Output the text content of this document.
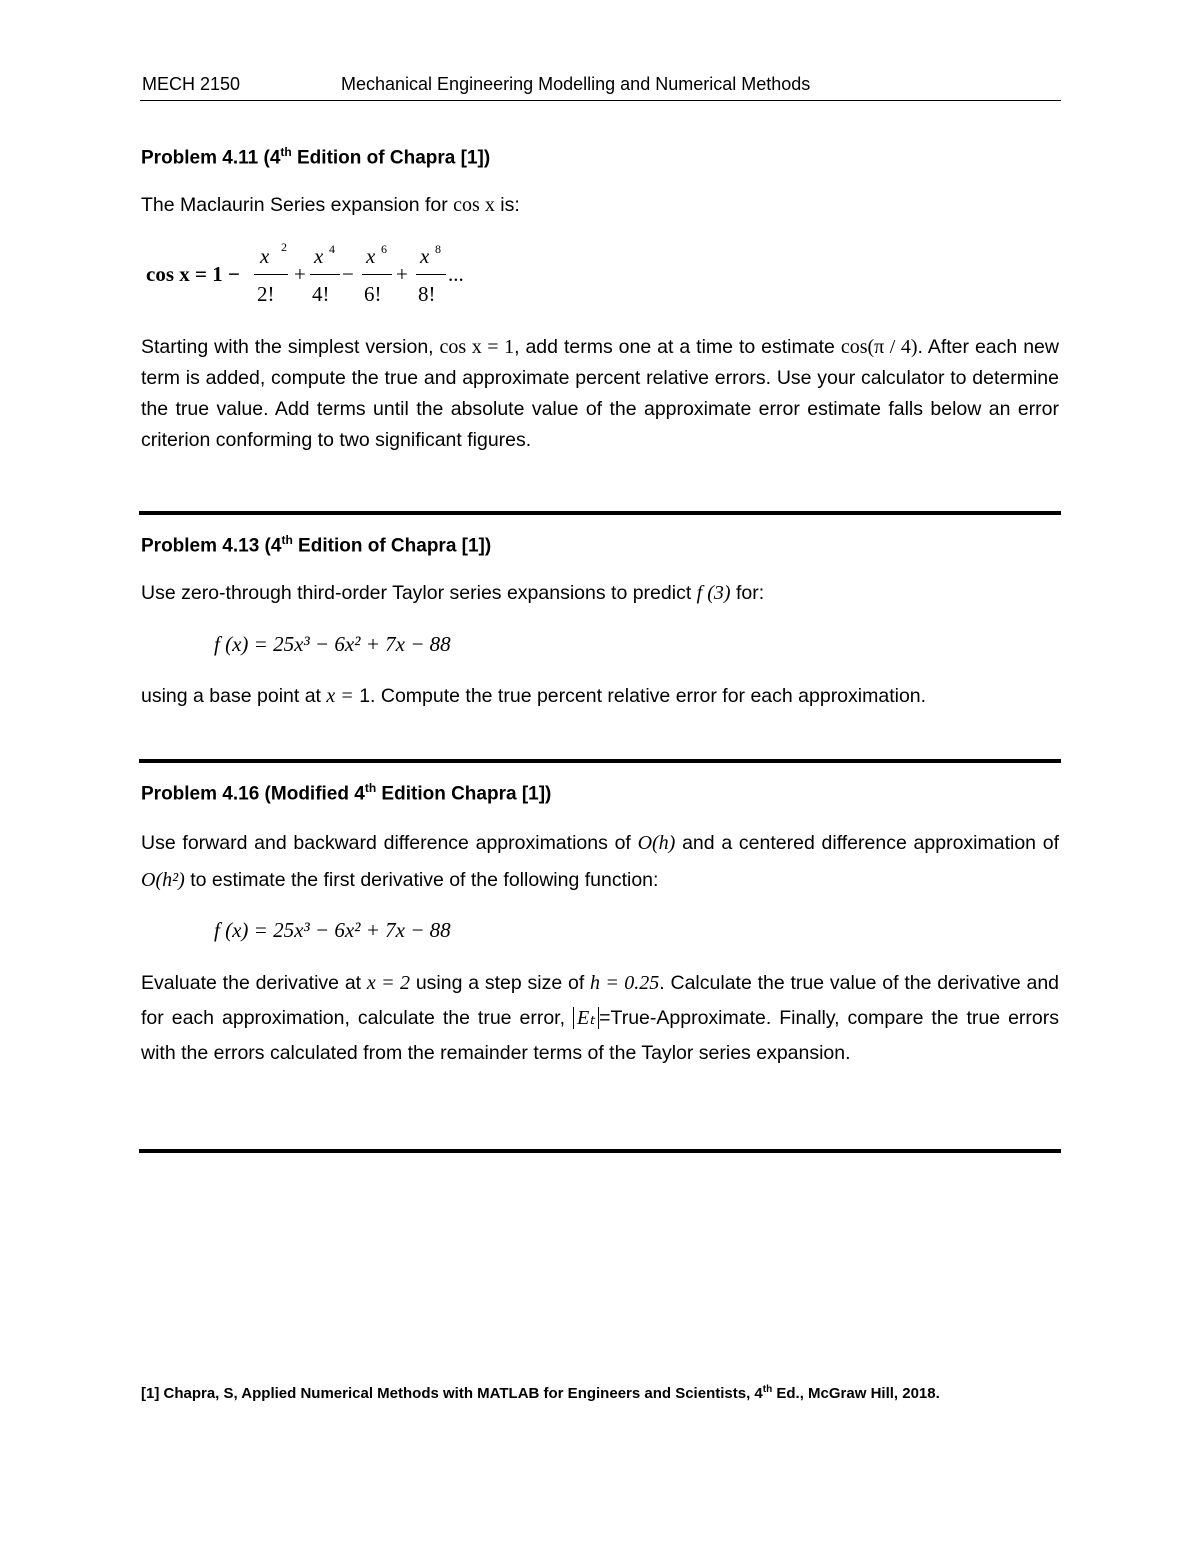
MECH 2150	Mechanical Engineering Modelling and Numerical Methods
Problem 4.11 (4th Edition of Chapra [1])
The Maclaurin Series expansion for cos x is:
cos x = 1 −
x 2
2!
+
x 4
4!
−
x 6
6!
+
x 8
8!
...
Starting with the simplest version, cos x = 1, add terms one at a time to estimate cos(π / 4). After each new term is added, compute the true and approximate percent relative errors. Use your calculator to determine the true value. Add terms until the absolute value of the approximate error estimate falls below an error criterion conforming to two significant figures.
Problem 4.13 (4th Edition of Chapra [1])
Use zero-through third-order Taylor series expansions to predict f (3) for:
f (x) = 25x³ − 6x² + 7x − 88
using a base point at x = 1. Compute the true percent relative error for each approximation.
Problem 4.16 (Modified 4th Edition Chapra [1])
Use forward and backward difference approximations of O(h) and a centered difference approximation of O(h²) to estimate the first derivative of the following function:
f (x) = 25x³ − 6x² + 7x − 88
Evaluate the derivative at x = 2 using a step size of h = 0.25. Calculate the true value of the derivative and for each approximation, calculate the true error, Eₜ =True-Approximate. Finally, compare the true errors with the errors calculated from the remainder terms of the Taylor series expansion.
[1] Chapra, S, Applied Numerical Methods with MATLAB for Engineers and Scientists, 4th Ed., McGraw Hill, 2018.
